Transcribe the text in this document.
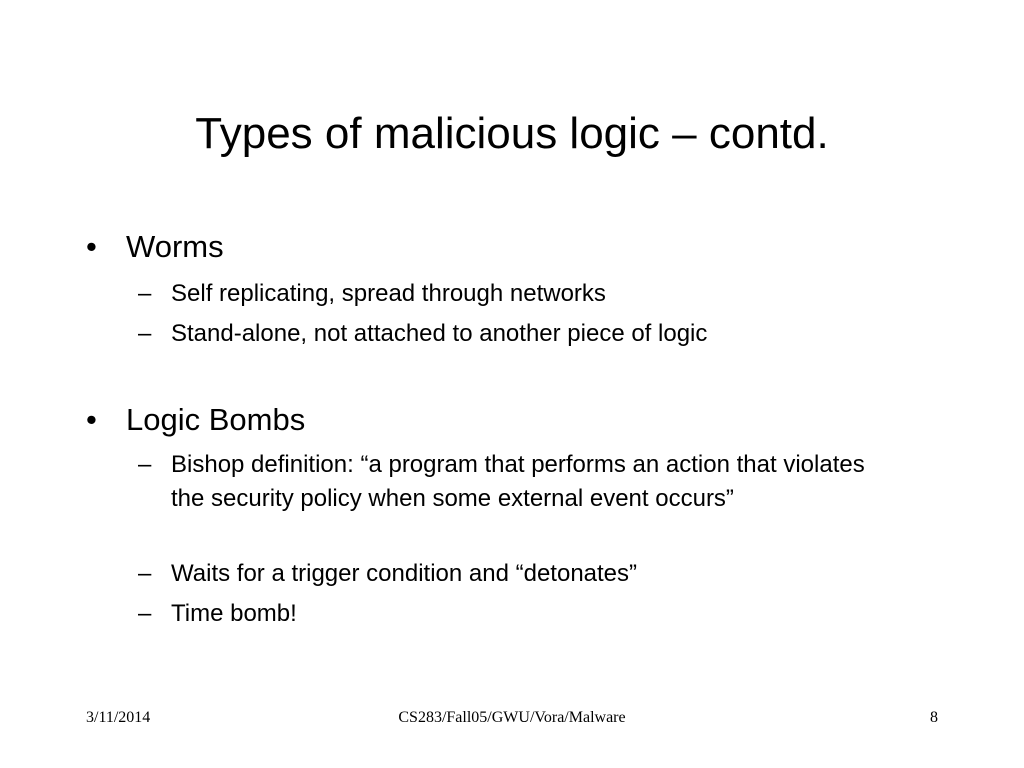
Types of malicious logic – contd.
• Worms
– Self replicating, spread through networks
– Stand-alone, not attached to another piece of logic
• Logic Bombs
– Bishop definition: “a program that performs an action that violates the security policy when some external event occurs”
– Waits for a trigger condition and “detonates”
– Time bomb!
3/11/2014	CS283/Fall05/GWU/Vora/Malware	8
